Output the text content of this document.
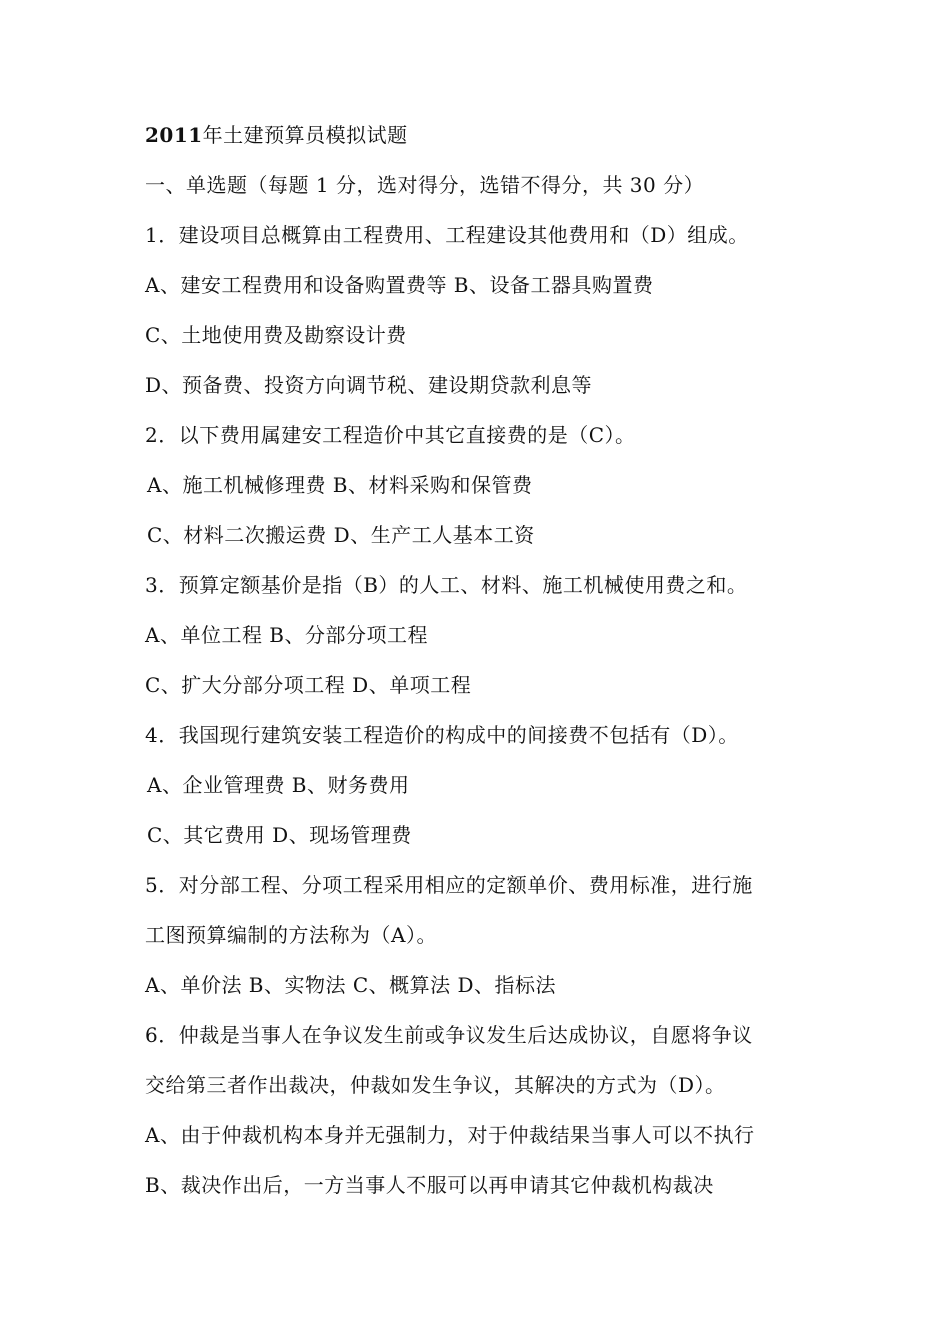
2011年土建预算员模拟试题
一、单选题（每题 1 分，选对得分，选错不得分，共 30 分）
1．建设项目总概算由工程费用、工程建设其他费用和（D）组成。
A、建安工程费用和设备购置费等 B、设备工器具购置费
C、土地使用费及勘察设计费
D、预备费、投资方向调节税、建设期贷款利息等
2．以下费用属建安工程造价中其它直接费的是（C）。
A、施工机械修理费 B、材料采购和保管费
C、材料二次搬运费 D、生产工人基本工资
3．预算定额基价是指（B）的人工、材料、施工机械使用费之和。
A、单位工程 B、分部分项工程
C、扩大分部分项工程 D、单项工程
4．我国现行建筑安装工程造价的构成中的间接费不包括有（D）。
A、企业管理费 B、财务费用
C、其它费用 D、现场管理费
5．对分部工程、分项工程采用相应的定额单价、费用标准，进行施
工图预算编制的方法称为（A）。
A、单价法 B、实物法 C、概算法 D、指标法
6．仲裁是当事人在争议发生前或争议发生后达成协议，自愿将争议
交给第三者作出裁决，仲裁如发生争议，其解决的方式为（D）。
A、由于仲裁机构本身并无强制力，对于仲裁结果当事人可以不执行
B、裁决作出后，一方当事人不服可以再申请其它仲裁机构裁决
